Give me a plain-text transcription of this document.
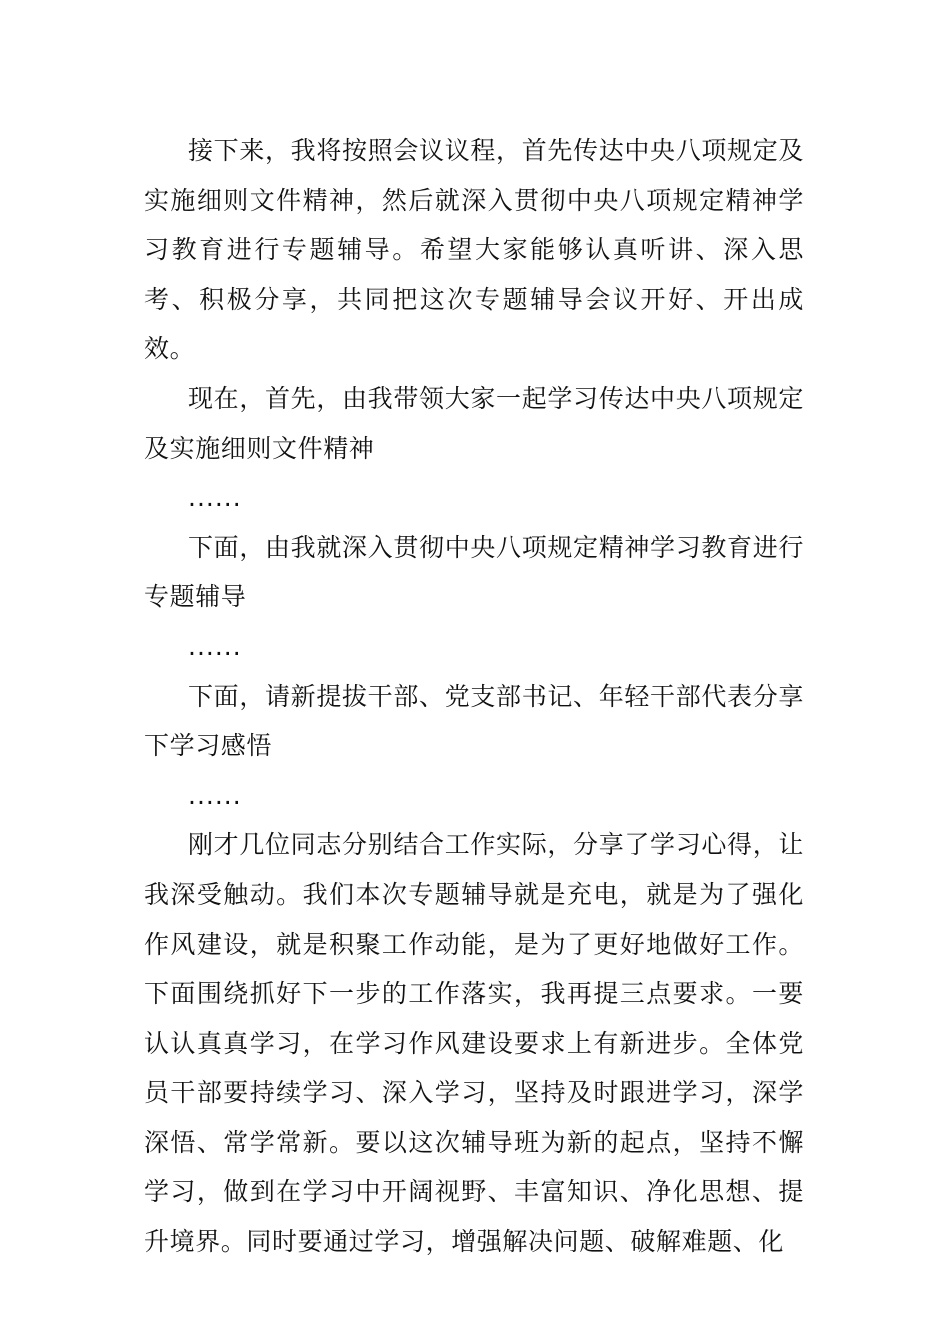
接下来，我将按照会议议程，首先传达中央八项规定及实施细则文件精神，然后就深入贯彻中央八项规定精神学习教育进行专题辅导。希望大家能够认真听讲、深入思考、积极分享，共同把这次专题辅导会议开好、开出成效。

现在，首先，由我带领大家一起学习传达中央八项规定及实施细则文件精神

......

下面，由我就深入贯彻中央八项规定精神学习教育进行专题辅导

......

下面，请新提拔干部、党支部书记、年轻干部代表分享下学习感悟

......

刚才几位同志分别结合工作实际，分享了学习心得，让我深受触动。我们本次专题辅导就是充电，就是为了强化作风建设，就是积聚工作动能，是为了更好地做好工作。下面围绕抓好下一步的工作落实，我再提三点要求。一要认认真真学习，在学习作风建设要求上有新进步。全体党员干部要持续学习、深入学习，坚持及时跟进学习，深学深悟、常学常新。要以这次辅导班为新的起点，坚持不懈学习，做到在学习中开阔视野、丰富知识、净化思想、提升境界。同时要通过学习，增强解决问题、破解难题、化
